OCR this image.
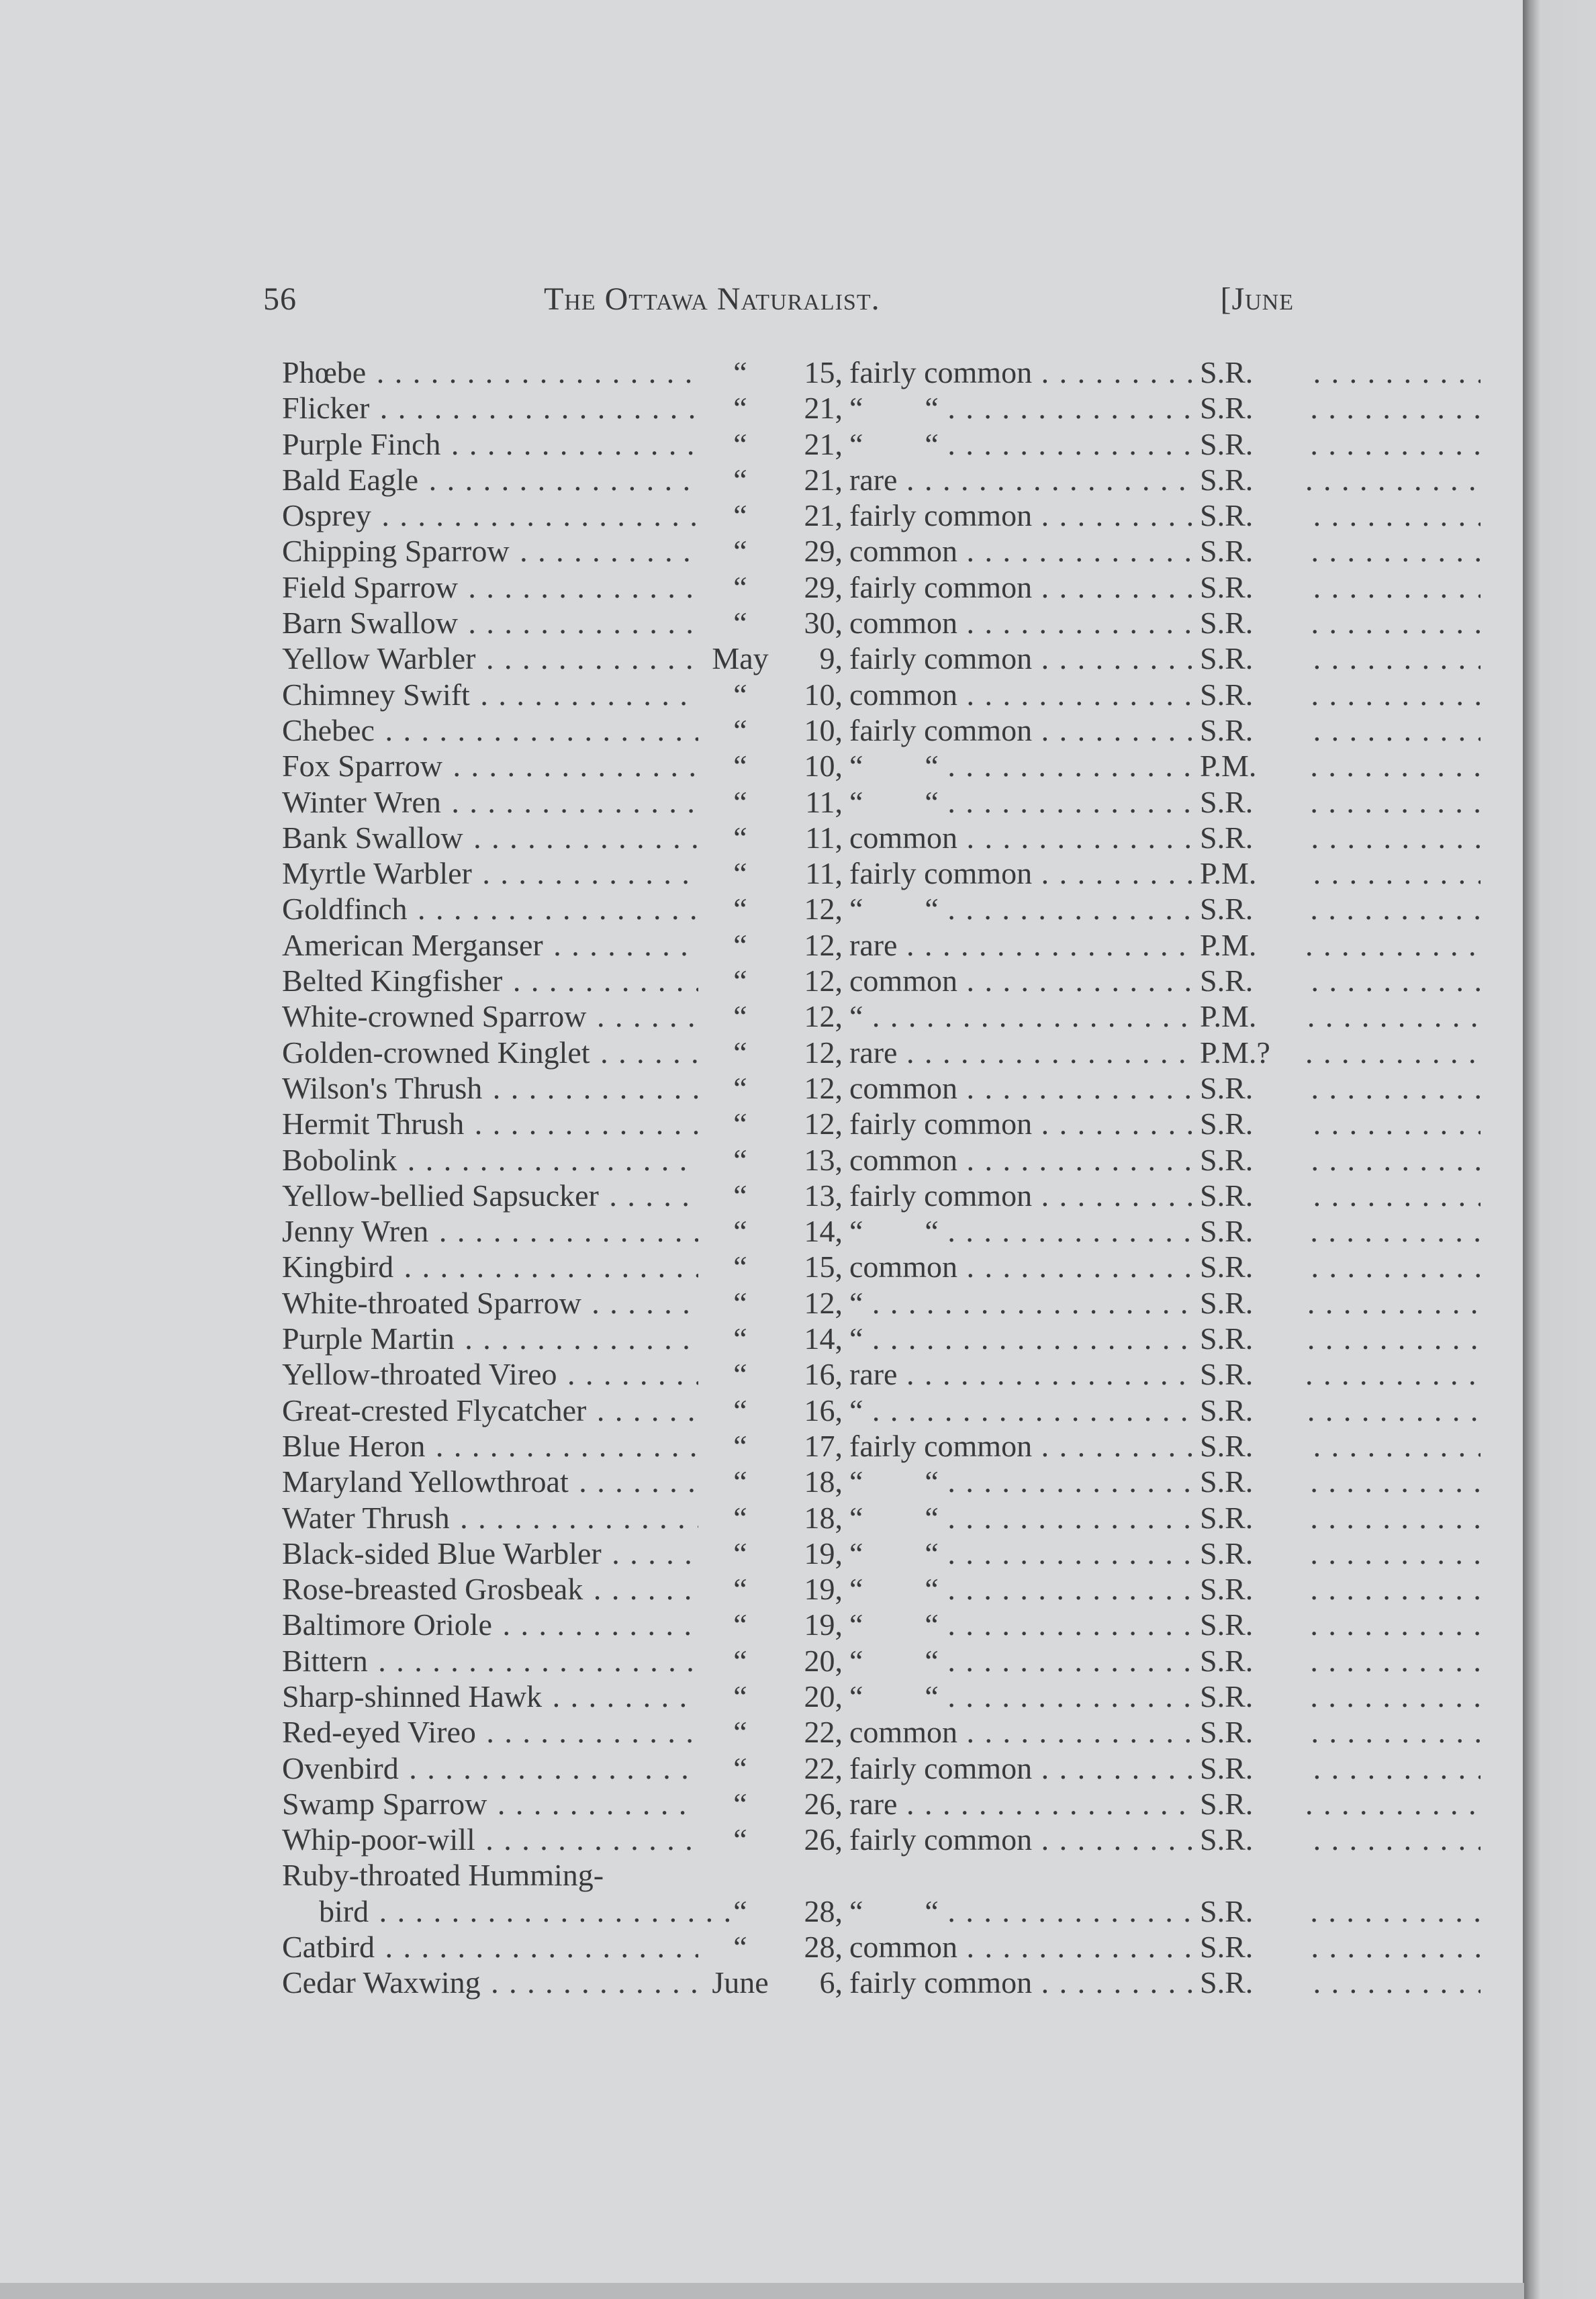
56	The Ottawa Naturalist.	[June
Phœbe . . .	“	15, fairly common . . .	S.R.
Flicker . . .	“	21, “        “ . . .	S.R.
Purple Finch . . .	“	21, “        “ . . .	S.R.
Bald Eagle . . .	“	21, rare . . .	S.R.
Osprey . . .	“	21, fairly common . . .	S.R.
Chipping Sparrow . . .	“	29, common . . .	S.R.
Field Sparrow . . .	“	29, fairly common . . .	S.R.
Barn Swallow . . .	“	30, common . . .	S.R.
Yellow Warbler . . .	May	9, fairly common . . .	S.R.
Chimney Swift . . .	“	10, common . . .	S.R.
Chebec . . .	“	10, fairly common . . .	S.R.
Fox Sparrow . . .	“	10, “        “ . . .	P.M.
Winter Wren . . .	“	11, “        “ . . .	S.R.
Bank Swallow . . .	“	11, common . . .	S.R.
Myrtle Warbler . . .	“	11, fairly common . . .	P.M.
Goldfinch . . .	“	12, “        “ . . .	S.R.
American Merganser . . .	“	12, rare . . .	P.M.
Belted Kingfisher . . .	“	12, common . . .	S.R.
White-crowned Sparrow . . .	“	12, “ . . .	P.M.
Golden-crowned Kinglet . . .	“	12, rare . . .	P.M.?
Wilson's Thrush . . .	“	12, common . . .	S.R.
Hermit Thrush . . .	“	12, fairly common . . .	S.R.
Bobolink . . .	“	13, common . . .	S.R.
Yellow-bellied Sapsucker . . .	“	13, fairly common . . .	S.R.
Jenny Wren . . .	“	14, “        “ . . .	S.R.
Kingbird . . .	“	15, common . . .	S.R.
White-throated Sparrow . . .	“	12, “ . . .	S.R.
Purple Martin . . .	“	14, “ . . .	S.R.
Yellow-throated Vireo . . .	“	16, rare . . .	S.R.
Great-crested Flycatcher . . .	“	16, “ . . .	S.R.
Blue Heron . . .	“	17, fairly common . . .	S.R.
Maryland Yellowthroat . . .	“	18, “        “ . . .	S.R.
Water Thrush . . .	“	18, “        “ . . .	S.R.
Black-sided Blue Warbler . . .	“	19, “        “ . . .	S.R.
Rose-breasted Grosbeak . . .	“	19, “        “ . . .	S.R.
Baltimore Oriole . . .	“	19, “        “ . . .	S.R.
Bittern . . .	“	20, “        “ . . .	S.R.
Sharp-shinned Hawk . . .	“	20, “        “ . . .	S.R.
Red-eyed Vireo . . .	“	22, common . . .	S.R.
Ovenbird . . .	“	22, fairly common . . .	S.R.
Swamp Sparrow . . .	“	26, rare . . .	S.R.
Whip-poor-will . . .	“	26, fairly common . . .	S.R.
Ruby-throated Humming-
bird . . .	“	28, “        “ . . .	S.R.
Catbird . . .	“	28, common . . .	S.R.
Cedar Waxwing . . .	June	6, fairly common . . .	S.R.
